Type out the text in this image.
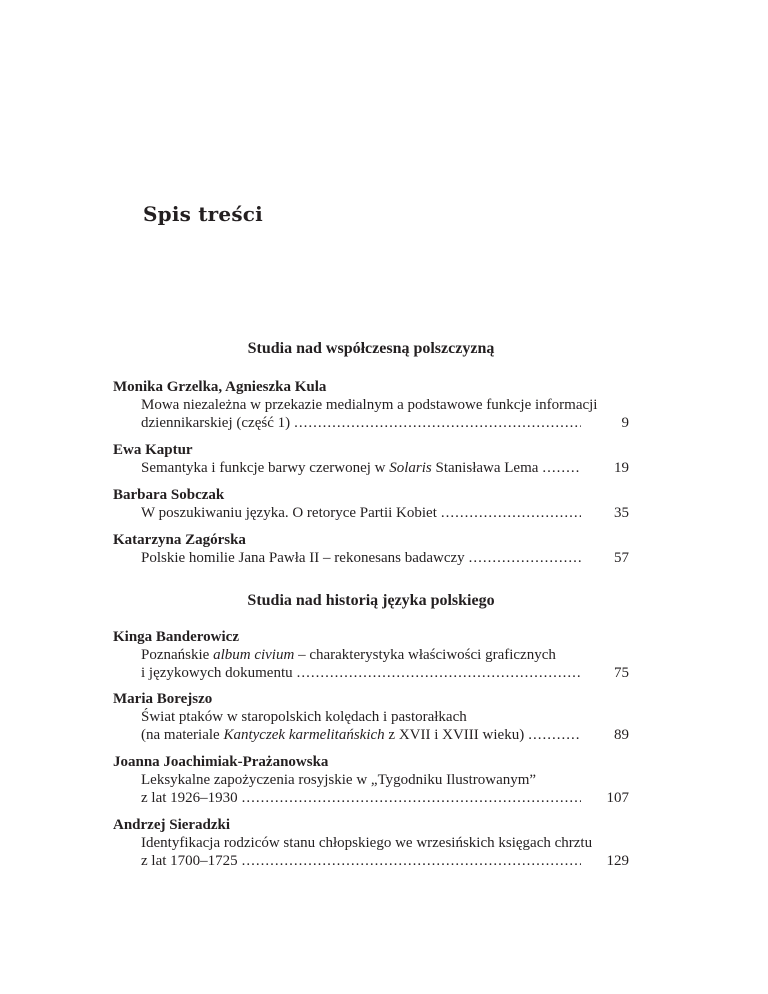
Spis treści
Studia nad współczesną polszczyzną

Monika Grzelka, Agnieszka Kula

Mowa niezależna w przekazie medialnym a podstawowe funkcje informacji
dziennikarskiej (część 1) .....	9

Ewa Kaptur

Semantyka i funkcje barwy czerwonej w Solaris Stanisława Lema .....	19

Barbara Sobczak

W poszukiwaniu języka. O retoryce Partii Kobiet .....	35

Katarzyna Zagórska

Polskie homilie Jana Pawła II – rekonesans badawczy .....	57
Studia nad historią języka polskiego

Kinga Banderowicz

Poznańskie album civium – charakterystyka właściwości graficznych
i językowych dokumentu .....	75

Maria Borejszo

Świat ptaków w staropolskich kolędach i pastorałkach
(na materiale Kantyczek karmelitańskich z XVII i XVIII wieku) .....	89

Joanna Joachimiak-Prażanowska

Leksykalne zapożyczenia rosyjskie w „Tygodniku Ilustrowanym”
z lat 1926–1930 .....	107

Andrzej Sieradzki

Identyfikacja rodziców stanu chłopskiego we wrzesińskich księgach chrztu
z lat 1700–1725 .....	129
